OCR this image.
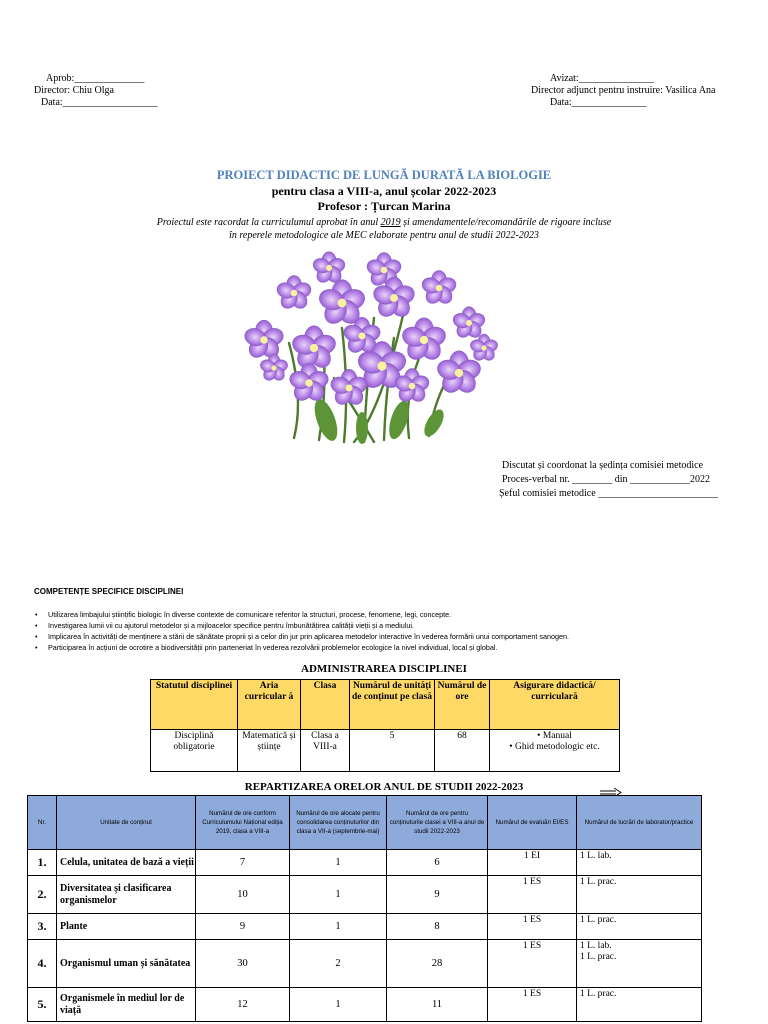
Aprob:______________
Director: Chiu Olga
Data:___________________
Avizat:_______________
Director adjunct pentru instruire: Vasilica Ana
Data:_______________
PROIECT DIDACTIC DE LUNGĂ DURATĂ LA BIOLOGIE
pentru clasa a VIII-a, anul școlar 2022-2023
Profesor : Țurcan Marina
Proiectul este racordat la curriculumul aprobat în anul 2019 și amendamentele/recomandările de rigoare incluse
în reperele metodologice ale MEC elaborate pentru anul de studii 2022-2023
Discutat și coordonat la ședința comisiei metodice
Proces-verbal nr. ________ din ____________2022
Șeful comisiei metodice ________________________
COMPETENȚE SPECIFICE DISCIPLINEI
• Utilizarea limbajului științific biologic în diverse contexte de comunicare referitor la structuri, procese, fenomene, legi, concepte.
• Investigarea lumii vii cu ajutorul metodelor și a mijloacelor specifice pentru îmbunătățirea calității vieții și a mediului.
• Implicarea în activități de menținere a stării de sănătate proprii și a celor din jur prin aplicarea metodelor interactive în vederea formării unui comportament sanogen.
• Participarea în acțiuni de ocrotire a biodiversității prin parteneriat în vederea rezolvării problemelor ecologice la nivel individual, local și global.
ADMINISTRAREA DISCIPLINEI
Statutul disciplinei	Aria curricular ă	Clasa	Numărul de unități de conținut pe clasă	Numărul de ore	Asigurare didactică/ curriculară
Disciplină obligatorie	Matematică și științe	Clasa a VIII-a	5	68	• Manual
• Ghid metodologic etc.
REPARTIZAREA ORELOR ANUL DE STUDII 2022-2023
Nr.	Unitate de conținut	Numărul de ore conform Curriculumului Național ediția 2019, clasa a VIII-a	Numărul de ore alocate pentru consolidarea conținuturilor din clasa a VII-a (septembrie-mai)	Numărul de ore pentru conținuturile clasei a VIII-a anul de studii 2022-2023	Numărul de evaluări EI/ES	Numărul de lucrări de laborator/practice
1.	Celula, unitatea de bază a vieții	7	1	6	1 EI	1 L. lab.

2.	Diversitatea și clasificarea organismelor	10	1	9	1 ES	1 L. prac.

3.	Plante	9	1	8	1 ES	1 L. prac.

4.	Organismul uman și sănătatea	30	2	28	1 ES	1 L. lab.
1 L. prac.

5.	Organismele în mediul lor de viață	12	1	11	1 ES	1 L. prac.
